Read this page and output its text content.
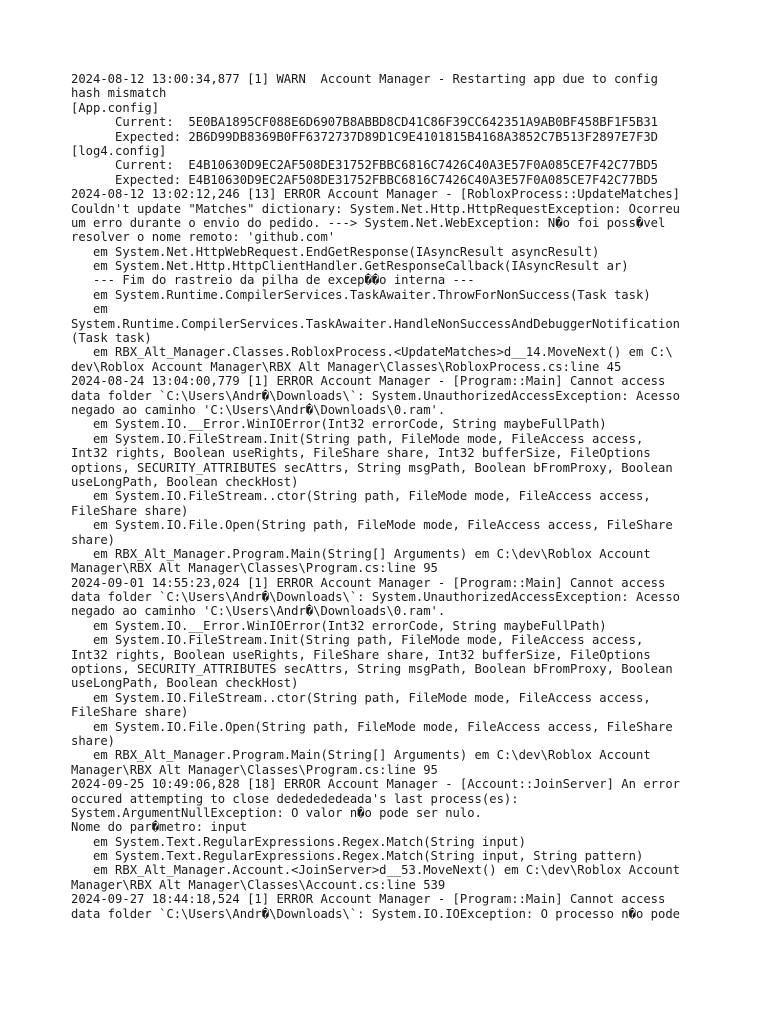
2024-08-12 13:00:34,877 [1] WARN  Account Manager - Restarting app due to config
hash mismatch
[App.config]
Current:  5E0BA1895CF088E6D6907B8ABBD8CD41C86F39CC642351A9AB0BF458BF1F5B31
Expected: 2B6D99DB8369B0FF6372737D89D1C9E4101815B4168A3852C7B513F2897E7F3D
[log4.config]
Current:  E4B10630D9EC2AF508DE31752FBBC6816C7426C40A3E57F0A085CE7F42C77BD5
Expected: E4B10630D9EC2AF508DE31752FBBC6816C7426C40A3E57F0A085CE7F42C77BD5
2024-08-12 13:02:12,246 [13] ERROR Account Manager - [RobloxProcess::UpdateMatches]
Couldn't update "Matches" dictionary: System.Net.Http.HttpRequestException: Ocorreu
um erro durante o envio do pedido. ---> System.Net.WebException: N�o foi poss�vel
resolver o nome remoto: 'github.com'
em System.Net.HttpWebRequest.EndGetResponse(IAsyncResult asyncResult)
em System.Net.Http.HttpClientHandler.GetResponseCallback(IAsyncResult ar)
--- Fim do rastreio da pilha de excep��o interna ---
em System.Runtime.CompilerServices.TaskAwaiter.ThrowForNonSuccess(Task task)
em
System.Runtime.CompilerServices.TaskAwaiter.HandleNonSuccessAndDebuggerNotification
(Task task)
em RBX_Alt_Manager.Classes.RobloxProcess.<UpdateMatches>d__14.MoveNext() em C:\
dev\Roblox Account Manager\RBX Alt Manager\Classes\RobloxProcess.cs:line 45
2024-08-24 13:04:00,779 [1] ERROR Account Manager - [Program::Main] Cannot access
data folder `C:\Users\Andr�\Downloads\`: System.UnauthorizedAccessException: Acesso
negado ao caminho 'C:\Users\Andr�\Downloads\0.ram'.
em System.IO.__Error.WinIOError(Int32 errorCode, String maybeFullPath)
em System.IO.FileStream.Init(String path, FileMode mode, FileAccess access,
Int32 rights, Boolean useRights, FileShare share, Int32 bufferSize, FileOptions
options, SECURITY_ATTRIBUTES secAttrs, String msgPath, Boolean bFromProxy, Boolean
useLongPath, Boolean checkHost)
em System.IO.FileStream..ctor(String path, FileMode mode, FileAccess access,
FileShare share)
em System.IO.File.Open(String path, FileMode mode, FileAccess access, FileShare
share)
em RBX_Alt_Manager.Program.Main(String[] Arguments) em C:\dev\Roblox Account
Manager\RBX Alt Manager\Classes\Program.cs:line 95
2024-09-01 14:55:23,024 [1] ERROR Account Manager - [Program::Main] Cannot access
data folder `C:\Users\Andr�\Downloads\`: System.UnauthorizedAccessException: Acesso
negado ao caminho 'C:\Users\Andr�\Downloads\0.ram'.
em System.IO.__Error.WinIOError(Int32 errorCode, String maybeFullPath)
em System.IO.FileStream.Init(String path, FileMode mode, FileAccess access,
Int32 rights, Boolean useRights, FileShare share, Int32 bufferSize, FileOptions
options, SECURITY_ATTRIBUTES secAttrs, String msgPath, Boolean bFromProxy, Boolean
useLongPath, Boolean checkHost)
em System.IO.FileStream..ctor(String path, FileMode mode, FileAccess access,
FileShare share)
em System.IO.File.Open(String path, FileMode mode, FileAccess access, FileShare
share)
em RBX_Alt_Manager.Program.Main(String[] Arguments) em C:\dev\Roblox Account
Manager\RBX Alt Manager\Classes\Program.cs:line 95
2024-09-25 10:49:06,828 [18] ERROR Account Manager - [Account::JoinServer] An error
occured attempting to close dededededeada's last process(es):
System.ArgumentNullException: O valor n�o pode ser nulo.
Nome do par�metro: input
em System.Text.RegularExpressions.Regex.Match(String input)
em System.Text.RegularExpressions.Regex.Match(String input, String pattern)
em RBX_Alt_Manager.Account.<JoinServer>d__53.MoveNext() em C:\dev\Roblox Account
Manager\RBX Alt Manager\Classes\Account.cs:line 539
2024-09-27 18:44:18,524 [1] ERROR Account Manager - [Program::Main] Cannot access
data folder `C:\Users\Andr�\Downloads\`: System.IO.IOException: O processo n�o pode
